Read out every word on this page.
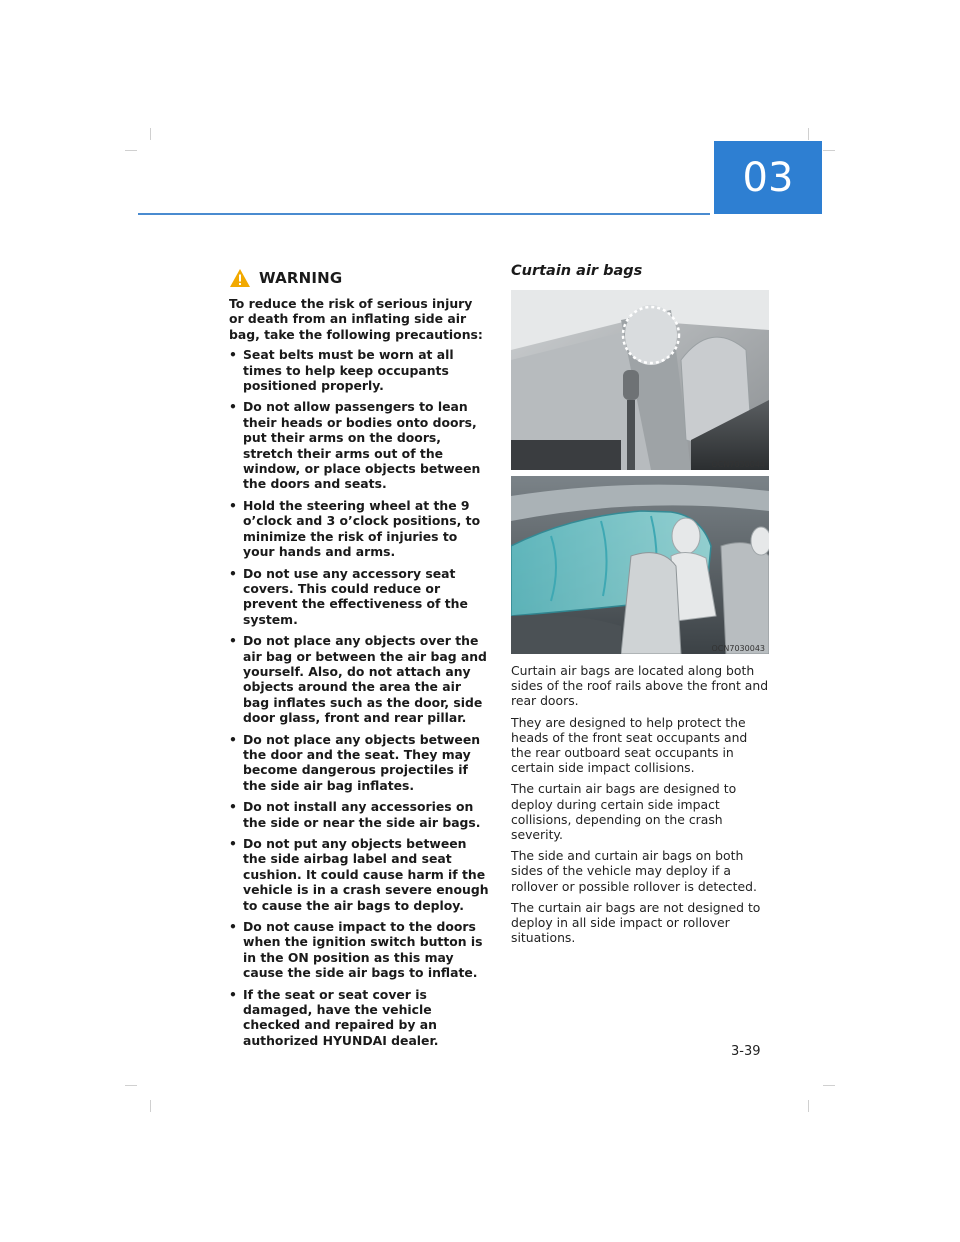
03
WARNING

To reduce the risk of serious injury or death from an inflating side air bag, take the following precautions:

• Seat belts must be worn at all times to help keep occupants positioned properly.
• Do not allow passengers to lean their heads or bodies onto doors, put their arms on the doors, stretch their arms out of the window, or place objects between the doors and seats.
• Hold the steering wheel at the 9 o’clock and 3 o’clock positions, to minimize the risk of injuries to your hands and arms.
• Do not use any accessory seat covers. This could reduce or prevent the effectiveness of the system.
• Do not place any objects over the air bag or between the air bag and yourself. Also, do not attach any objects around the area the air bag inflates such as the door, side door glass, front and rear pillar.
• Do not place any objects between the door and the seat. They may become dangerous projectiles if the side air bag inflates.
• Do not install any accessories on the side or near the side air bags.
• Do not put any objects between the side airbag label and seat cushion. It could cause harm if the vehicle is in a crash severe enough to cause the air bags to deploy.
• Do not cause impact to the doors when the ignition switch button is in the ON position as this may cause the side air bags to inflate.
• If the seat or seat cover is damaged, have the vehicle checked and repaired by an authorized HYUNDAI dealer.
Curtain air bags
OCN7030044
OCN7030043

Curtain air bags are located along both sides of the roof rails above the front and rear doors.

They are designed to help protect the heads of the front seat occupants and the rear outboard seat occupants in certain side impact collisions.

The curtain air bags are designed to deploy during certain side impact collisions, depending on the crash severity.

The side and curtain air bags on both sides of the vehicle may deploy if a rollover or possible rollover is detected.

The curtain air bags are not designed to deploy in all side impact or rollover situations.

3-39
